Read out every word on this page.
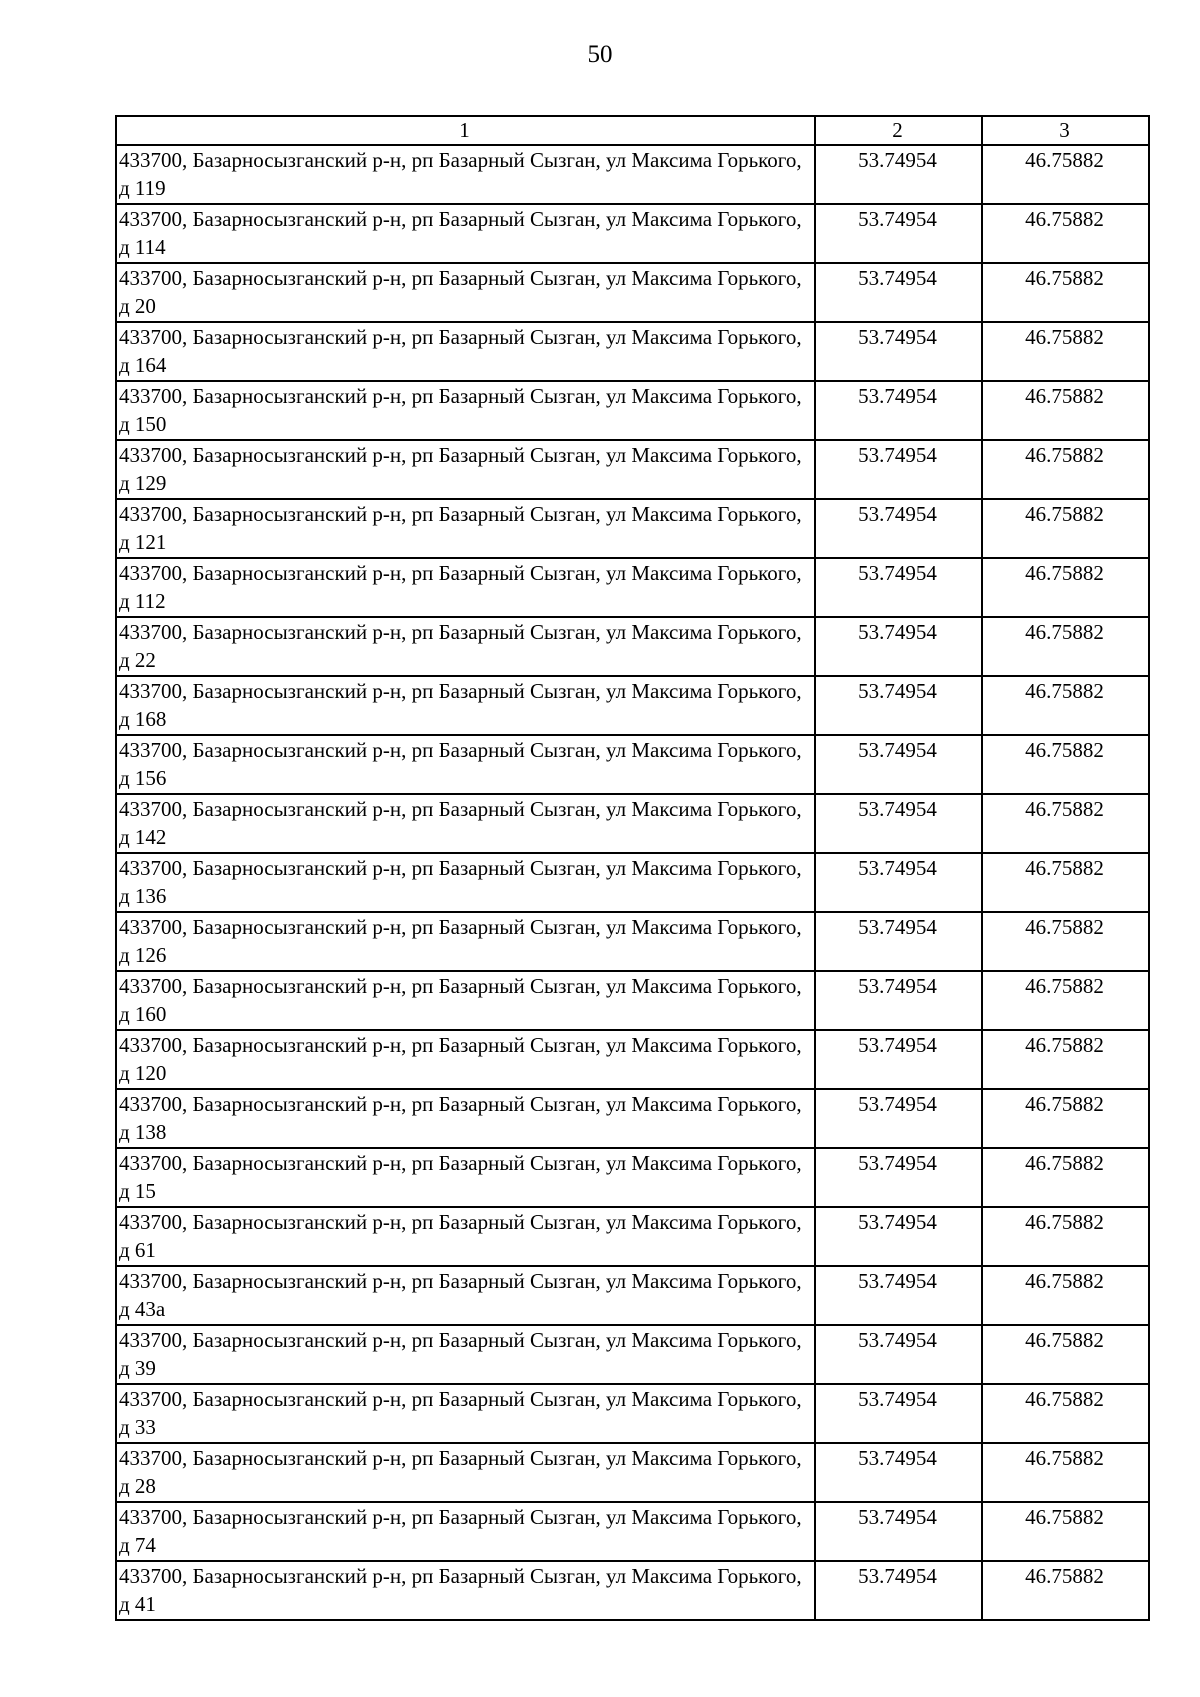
50
1	2	3
433700, Базарносызганский р-н, рп Базарный Сызган, ул Максима Горького, д 119	53.74954	46.75882
433700, Базарносызганский р-н, рп Базарный Сызган, ул Максима Горького, д 114	53.74954	46.75882
433700, Базарносызганский р-н, рп Базарный Сызган, ул Максима Горького, д 20	53.74954	46.75882
433700, Базарносызганский р-н, рп Базарный Сызган, ул Максима Горького, д 164	53.74954	46.75882
433700, Базарносызганский р-н, рп Базарный Сызган, ул Максима Горького, д 150	53.74954	46.75882
433700, Базарносызганский р-н, рп Базарный Сызган, ул Максима Горького, д 129	53.74954	46.75882
433700, Базарносызганский р-н, рп Базарный Сызган, ул Максима Горького, д 121	53.74954	46.75882
433700, Базарносызганский р-н, рп Базарный Сызган, ул Максима Горького, д 112	53.74954	46.75882
433700, Базарносызганский р-н, рп Базарный Сызган, ул Максима Горького, д 22	53.74954	46.75882
433700, Базарносызганский р-н, рп Базарный Сызган, ул Максима Горького, д 168	53.74954	46.75882
433700, Базарносызганский р-н, рп Базарный Сызган, ул Максима Горького, д 156	53.74954	46.75882
433700, Базарносызганский р-н, рп Базарный Сызган, ул Максима Горького, д 142	53.74954	46.75882
433700, Базарносызганский р-н, рп Базарный Сызган, ул Максима Горького, д 136	53.74954	46.75882
433700, Базарносызганский р-н, рп Базарный Сызган, ул Максима Горького, д 126	53.74954	46.75882
433700, Базарносызганский р-н, рп Базарный Сызган, ул Максима Горького, д 160	53.74954	46.75882
433700, Базарносызганский р-н, рп Базарный Сызган, ул Максима Горького, д 120	53.74954	46.75882
433700, Базарносызганский р-н, рп Базарный Сызган, ул Максима Горького, д 138	53.74954	46.75882
433700, Базарносызганский р-н, рп Базарный Сызган, ул Максима Горького, д 15	53.74954	46.75882
433700, Базарносызганский р-н, рп Базарный Сызган, ул Максима Горького, д 61	53.74954	46.75882
433700, Базарносызганский р-н, рп Базарный Сызган, ул Максима Горького, д 43а	53.74954	46.75882
433700, Базарносызганский р-н, рп Базарный Сызган, ул Максима Горького, д 39	53.74954	46.75882
433700, Базарносызганский р-н, рп Базарный Сызган, ул Максима Горького, д 33	53.74954	46.75882
433700, Базарносызганский р-н, рп Базарный Сызган, ул Максима Горького, д 28	53.74954	46.75882
433700, Базарносызганский р-н, рп Базарный Сызган, ул Максима Горького, д 74	53.74954	46.75882
433700, Базарносызганский р-н, рп Базарный Сызган, ул Максима Горького, д 41	53.74954	46.75882
